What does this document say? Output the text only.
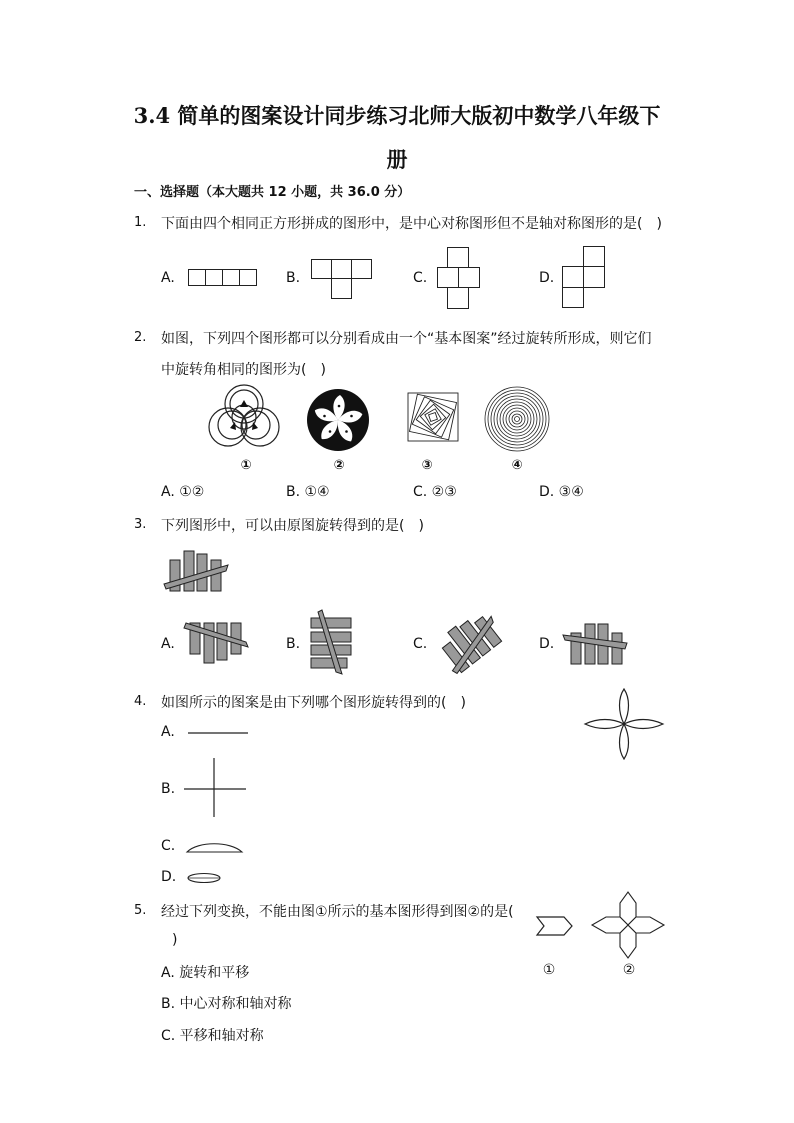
3.4 简单的图案设计同步练习北师大版初中数学八年级下
册
一、选择题（本大题共 12 小题，共 36.0 分）
1. 下面由四个相同正方形拼成的图形中，是中心对称图形但不是轴对称图形的是(　)
A.	B.	C.	D.
2. 如图，下列四个图形都可以分别看成由一个“基本图案”经过旋转所形成，则它们
中旋转角相同的图形为(　)
①	②	③	④
A. ①②	B. ①④	C. ②③	D. ③④
3. 下列图形中，可以由原图旋转得到的是(　)
A.	B.	C.	D.
4. 如图所示的图案是由下列哪个图形旋转得到的(　)
A.
B.
C.
D.
5. 经过下列变换，不能由图①所示的基本图形得到图②的是(
)
①	②
A. 旋转和平移
B. 中心对称和轴对称
C. 平移和轴对称
